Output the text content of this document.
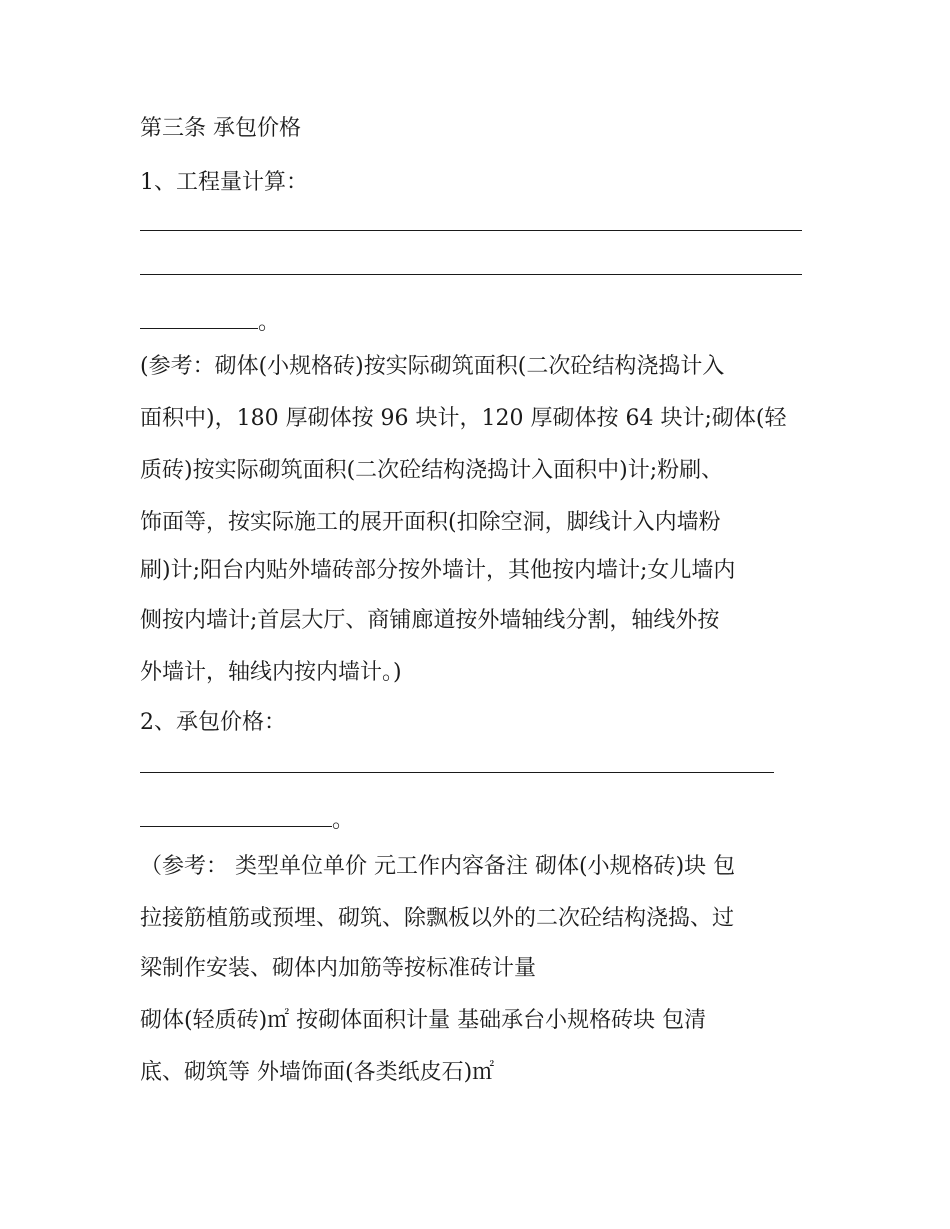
第三条 承包价格
1、工程量计算：
。
(参考：砌体(小规格砖)按实际砌筑面积(二次砼结构浇捣计入
面积中)，180 厚砌体按 96 块计，120 厚砌体按 64 块计;砌体(轻
质砖)按实际砌筑面积(二次砼结构浇捣计入面积中)计;粉刷、
饰面等，按实际施工的展开面积(扣除空洞，脚线计入内墙粉
刷)计;阳台内贴外墙砖部分按外墙计，其他按内墙计;女儿墙内
侧按内墙计;首层大厅、商铺廊道按外墙轴线分割，轴线外按
外墙计，轴线内按内墙计。)
2、承包价格：
。
（参考： 类型单位单价 元工作内容备注 砌体(小规格砖)块 包
拉接筋植筋或预埋、砌筑、除飘板以外的二次砼结构浇捣、过
梁制作安装、砌体内加筋等按标准砖计量
砌体(轻质砖)㎡ 按砌体面积计量 基础承台小规格砖块 包清
底、砌筑等 外墙饰面(各类纸皮石)㎡
